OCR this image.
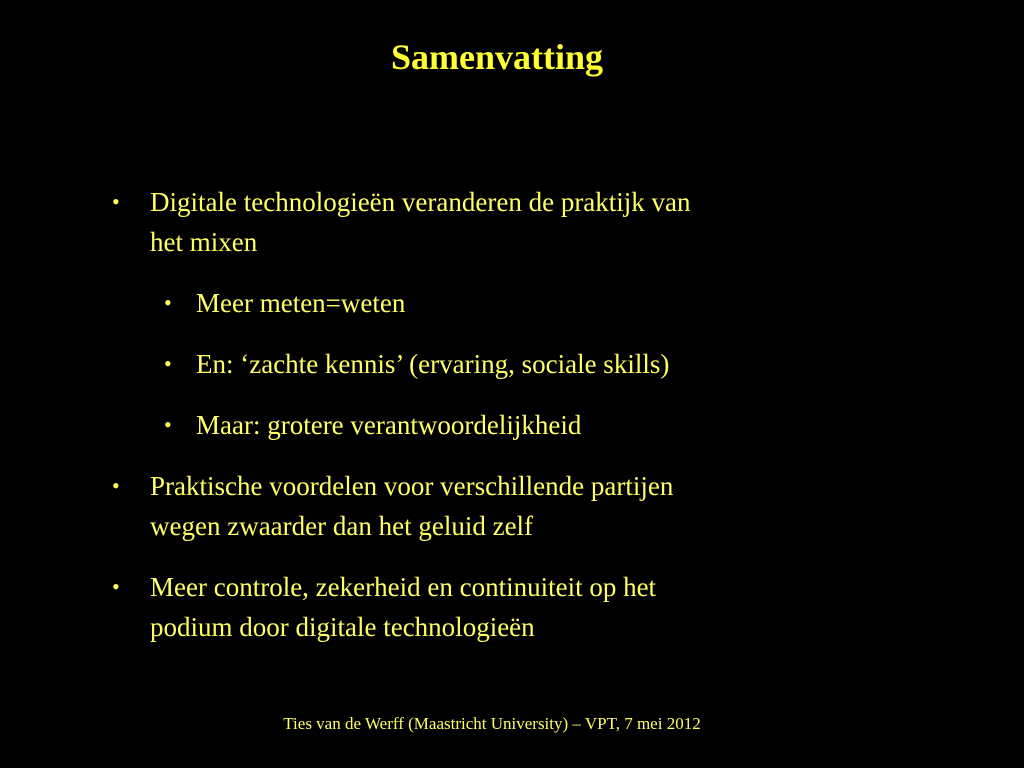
Samenvatting
• Digitale technologieën veranderen de praktijk van
het mixen
• Meer meten=weten
• En: ‘zachte kennis’ (ervaring, sociale skills)
• Maar: grotere verantwoordelijkheid
• Praktische voordelen voor verschillende partijen
wegen zwaarder dan het geluid zelf
• Meer controle, zekerheid en continuiteit op het
podium door digitale technologieën
Ties van de Werff (Maastricht University) – VPT, 7 mei 2012
